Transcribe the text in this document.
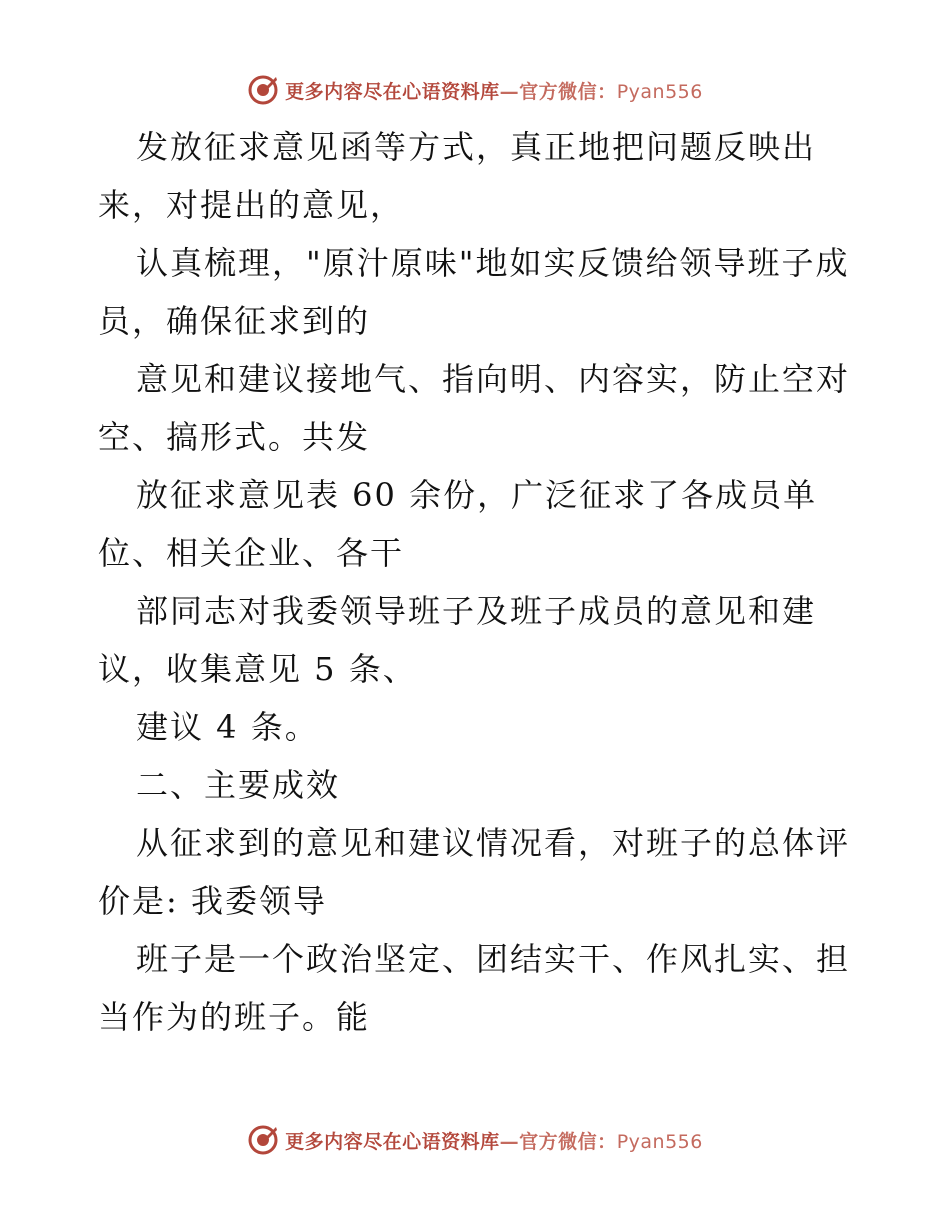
更多内容尽在心语资料库—官方微信：Pyan556
发放征求意见函等方式，真正地把问题反映出
来，对提出的意见，
认真梳理，"原汁原味"地如实反馈给领导班子成
员，确保征求到的
意见和建议接地气、指向明、内容实，防止空对
空、搞形式。共发
放征求意见表 60 余份，广泛征求了各成员单
位、相关企业、各干
部同志对我委领导班子及班子成员的意见和建
议，收集意见 5 条、
建议 4 条。
二、主要成效
从征求到的意见和建议情况看，对班子的总体评
价是: 我委领导
班子是一个政治坚定、团结实干、作风扎实、担
当作为的班子。能
更多内容尽在心语资料库—官方微信：Pyan556
